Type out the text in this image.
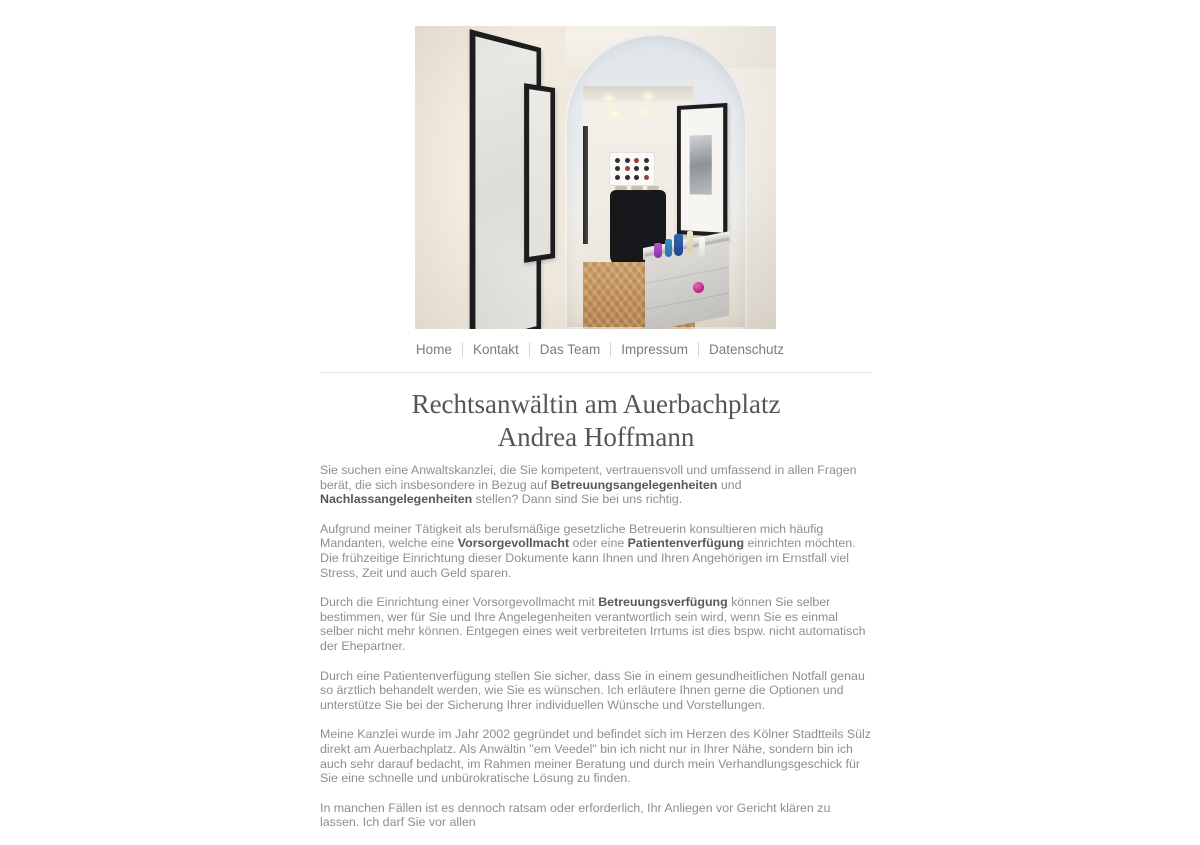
Home Kontakt Das Team Impressum Datenschutz
Rechtsanwältin am Auerbachplatz
Andrea Hoffmann

Sie suchen eine Anwaltskanzlei, die Sie kompetent, vertrauensvoll und umfassend in allen Fragen berät, die sich insbesondere in Bezug auf Betreuungsangelegenheiten und Nachlassangelegenheiten stellen? Dann sind Sie bei uns richtig.

Aufgrund meiner Tätigkeit als berufsmäßige gesetzliche Betreuerin konsultieren mich häufig Mandanten, welche eine Vorsorgevollmacht oder eine Patientenverfügung einrichten möchten. Die frühzeitige Einrichtung dieser Dokumente kann Ihnen und Ihren Angehörigen im Ernstfall viel Stress, Zeit und auch Geld sparen.

Durch die Einrichtung einer Vorsorgevollmacht mit Betreuungsverfügung können Sie selber bestimmen, wer für Sie und Ihre Angelegenheiten verantwortlich sein wird, wenn Sie es einmal selber nicht mehr können. Entgegen eines weit verbreiteten Irrtums ist dies bspw. nicht automatisch der Ehepartner.

Durch eine Patientenverfügung stellen Sie sicher, dass Sie in einem gesundheitlichen Notfall genau so ärztlich behandelt werden, wie Sie es wünschen. Ich erläutere Ihnen gerne die Optionen und unterstütze Sie bei der Sicherung Ihrer individuellen Wünsche und Vorstellungen.

Meine Kanzlei wurde im Jahr 2002 gegründet und befindet sich im Herzen des Kölner Stadtteils Sülz direkt am Auerbachplatz. Als Anwältin "em Veedel" bin ich nicht nur in Ihrer Nähe, sondern bin ich auch sehr darauf bedacht, im Rahmen meiner Beratung und durch mein Verhandlungsgeschick für Sie eine schnelle und unbürokratische Lösung zu finden.

In manchen Fällen ist es dennoch ratsam oder erforderlich, Ihr Anliegen vor Gericht klären zu lassen. Ich darf Sie vor allen
